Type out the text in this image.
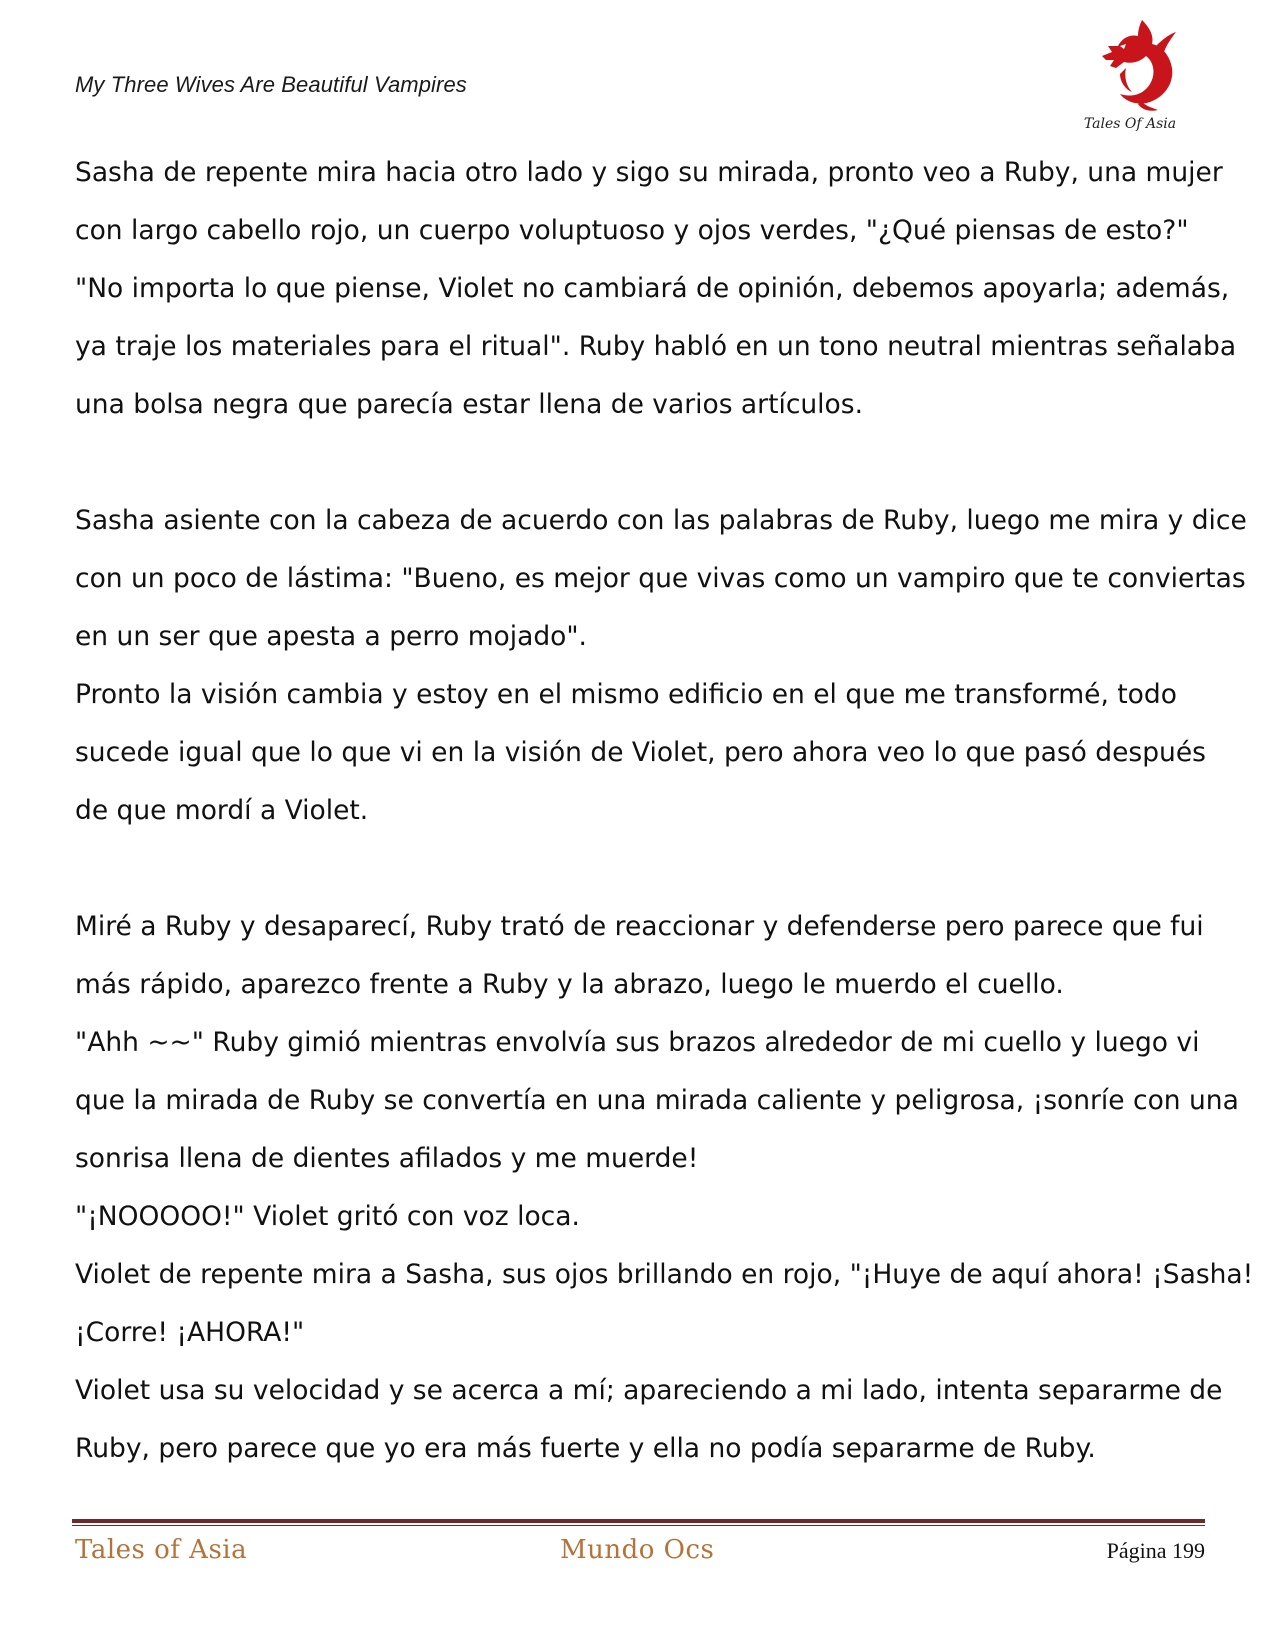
My Three Wives Are Beautiful Vampires
Tales Of Asia

Sasha de repente mira hacia otro lado y sigo su mirada, pronto veo a Ruby, una mujer

con largo cabello rojo, un cuerpo voluptuoso y ojos verdes, "¿Qué piensas de esto?"

"No importa lo que piense, Violet no cambiará de opinión, debemos apoyarla; además,

ya traje los materiales para el ritual". Ruby habló en un tono neutral mientras señalaba

una bolsa negra que parecía estar llena de varios artículos.

Sasha asiente con la cabeza de acuerdo con las palabras de Ruby, luego me mira y dice

con un poco de lástima: "Bueno, es mejor que vivas como un vampiro que te conviertas

en un ser que apesta a perro mojado".

Pronto la visión cambia y estoy en el mismo edificio en el que me transformé, todo

sucede igual que lo que vi en la visión de Violet, pero ahora veo lo que pasó después

de que mordí a Violet.

Miré a Ruby y desaparecí, Ruby trató de reaccionar y defenderse pero parece que fui

más rápido, aparezco frente a Ruby y la abrazo, luego le muerdo el cuello.

"Ahh ~~" Ruby gimió mientras envolvía sus brazos alrededor de mi cuello y luego vi

que la mirada de Ruby se convertía en una mirada caliente y peligrosa, ¡sonríe con una

sonrisa llena de dientes afilados y me muerde!

"¡NOOOOO!" Violet gritó con voz loca.

Violet de repente mira a Sasha, sus ojos brillando en rojo, "¡Huye de aquí ahora! ¡Sasha!

¡Corre! ¡AHORA!"

Violet usa su velocidad y se acerca a mí; apareciendo a mi lado, intenta separarme de

Ruby, pero parece que yo era más fuerte y ella no podía separarme de Ruby.

Tales of Asia	Mundo Ocs	Página 199
